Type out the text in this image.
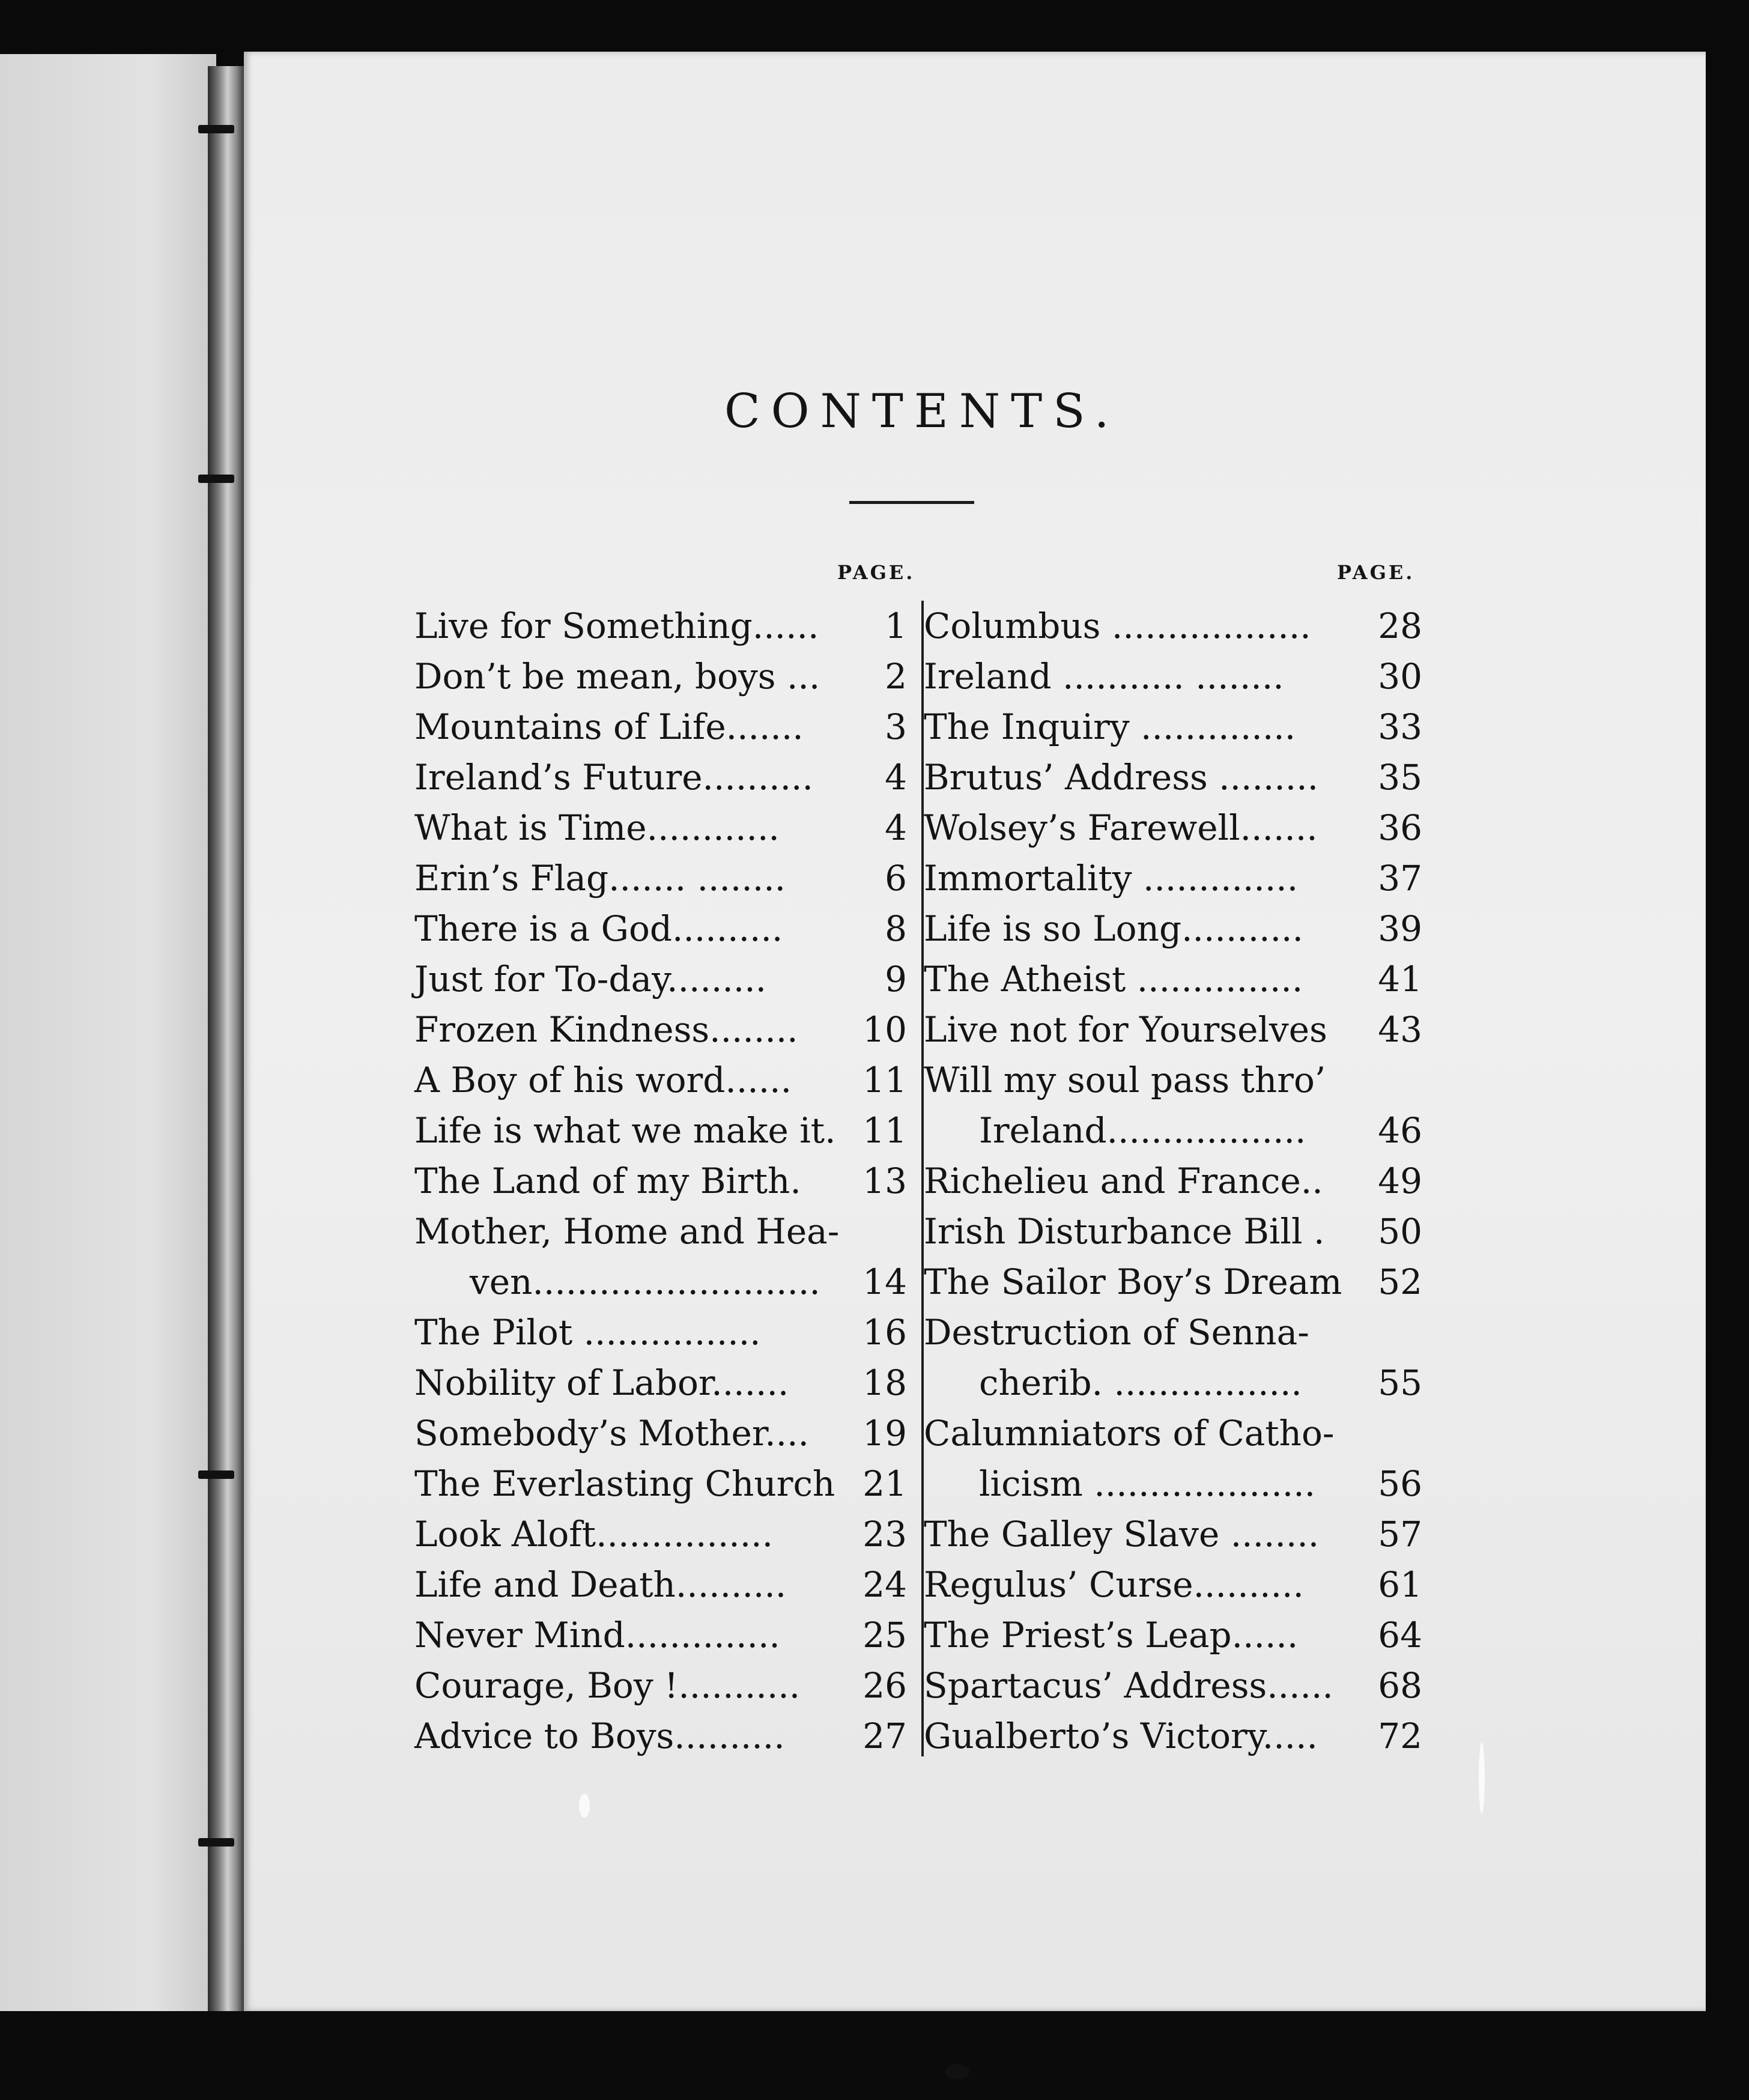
CONTENTS.
PAGE.	PAGE.
Live for Something...... 1
Don’t be mean, boys ... 2
Mountains of Life....... 3
Ireland’s Future.......... 4
What is Time............	4
Erin’s Flag....... ........	6
There is a God..........	8
Just for To-day.........	9
Frozen Kindness........ 10
A Boy of his word...... 11
Life is what we make it. 11
The Land of my Birth. 13
Mother, Home and Hea-
ven.......................... 14
The Pilot ................	16
Nobility of Labor....... 18
Somebody’s Mother.... 19
The Everlasting Church 21
Look Aloft................	23
Life and Death.......... 24
Never Mind.............. 25
Courage, Boy !........... 26
Advice to Boys.......... 27
Columbus .................. 28
Ireland ........... ........	30
The Inquiry .............. 33
Brutus’ Address ......... 35
Wolsey’s Farewell....... 36
Immortality .............. 37
Life is so Long........... 39
The Atheist ............... 41
Live not for Yourselves 43
Will my soul pass thro’
Ireland.................. 46
Richelieu and France.. 49
Irish Disturbance Bill . 50
The Sailor Boy’s Dream 52
Destruction of Senna-
cherib. ................. 55
Calumniators of Catho-
licism .................... 56
The Galley Slave ........ 57
Regulus’ Curse.......... 61
The Priest’s Leap...... 64
Spartacus’ Address...... 68
Gualberto’s Victory..... 72
